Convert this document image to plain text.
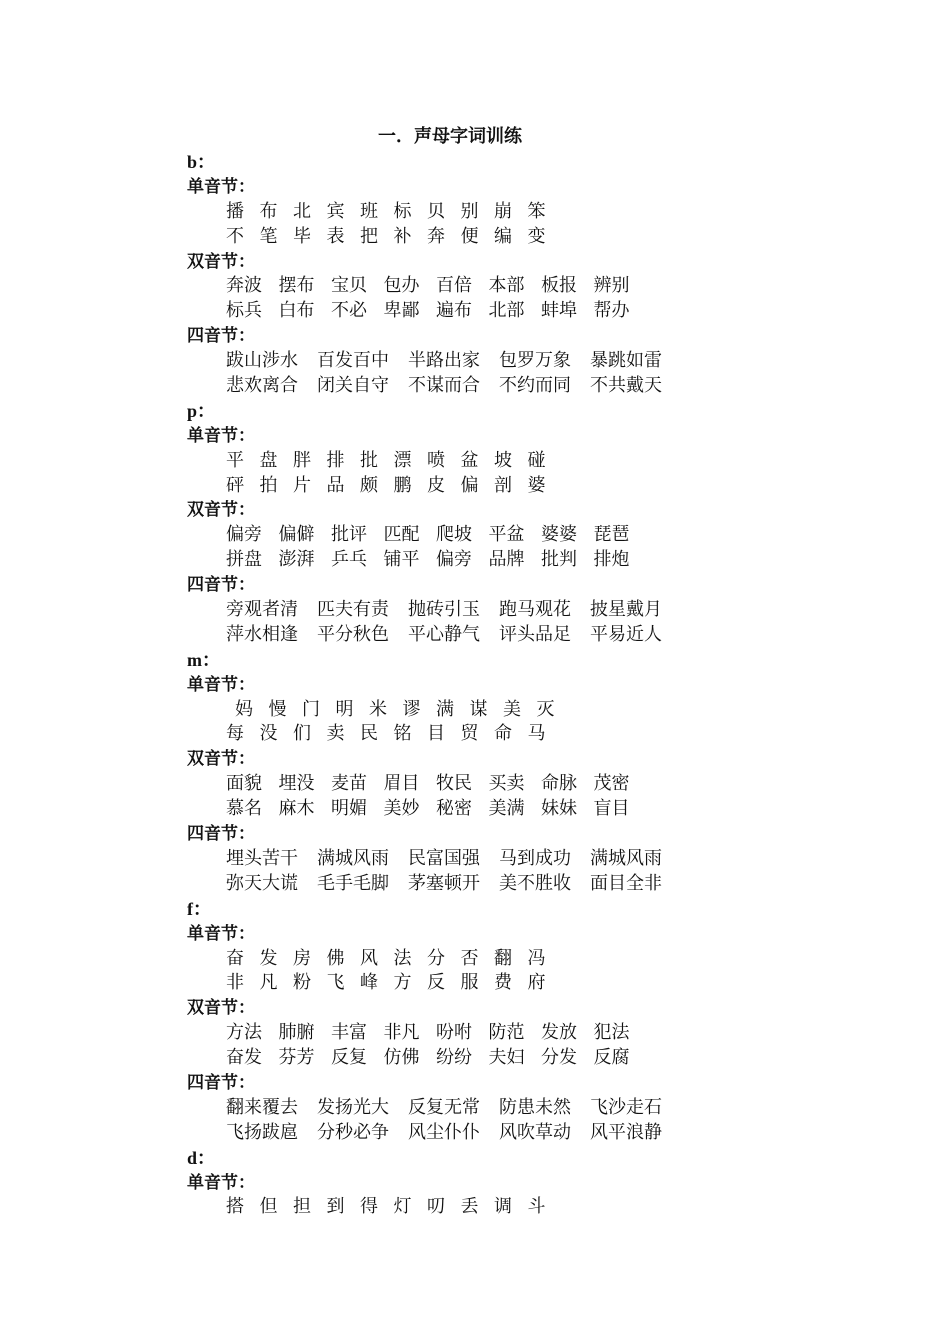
一．声母字词训练
b：
单音节：
播 布 北 宾 班 标 贝 别 崩 笨
不 笔 毕 表 把 补 奔 便 编 变
双音节：
奔波 摆布 宝贝 包办 百倍 本部 板报 辨别
标兵 白布 不必 卑鄙 遍布 北部 蚌埠 帮办
四音节：
跋山涉水	百发百中	半路出家	包罗万象	暴跳如雷
悲欢离合	闭关自守	不谋而合	不约而同	不共戴天
p：
单音节：
平 盘 胖 排 批 漂 喷 盆 坡 碰
砰 拍 片 品 颇 鹏 皮 偏 剖 婆
双音节：
偏旁 偏僻 批评 匹配 爬坡 平盆 婆婆 琵琶
拼盘 澎湃 乒乓 铺平 偏旁 品牌 批判 排炮
四音节：
旁观者清	匹夫有责	抛砖引玉	跑马观花	披星戴月
萍水相逢	平分秋色	平心静气	评头品足	平易近人
m：
单音节：
妈 慢 门 明 米 谬 满 谋 美 灭
每 没 们 卖 民 铭 目 贸 命 马
双音节：
面貌 埋没 麦苗 眉目 牧民 买卖 命脉 茂密
慕名 麻木 明媚 美妙 秘密 美满 妹妹 盲目
四音节：
埋头苦干	满城风雨	民富国强	马到成功	满城风雨
弥天大谎	毛手毛脚	茅塞顿开	美不胜收	面目全非
f：
单音节：
奋 发 房 佛 风 法 分 否 翻 冯
非 凡 粉 飞 峰 方 反 服 费 府
双音节：
方法 肺腑 丰富 非凡 吩咐 防范 发放 犯法
奋发 芬芳 反复 仿佛 纷纷 夫妇 分发 反腐
四音节：
翻来覆去	发扬光大	反复无常	防患未然	飞沙走石
飞扬跋扈	分秒必争	风尘仆仆	风吹草动	风平浪静
d：
单音节：
搭 但 担 到 得 灯 叨 丢 调 斗
